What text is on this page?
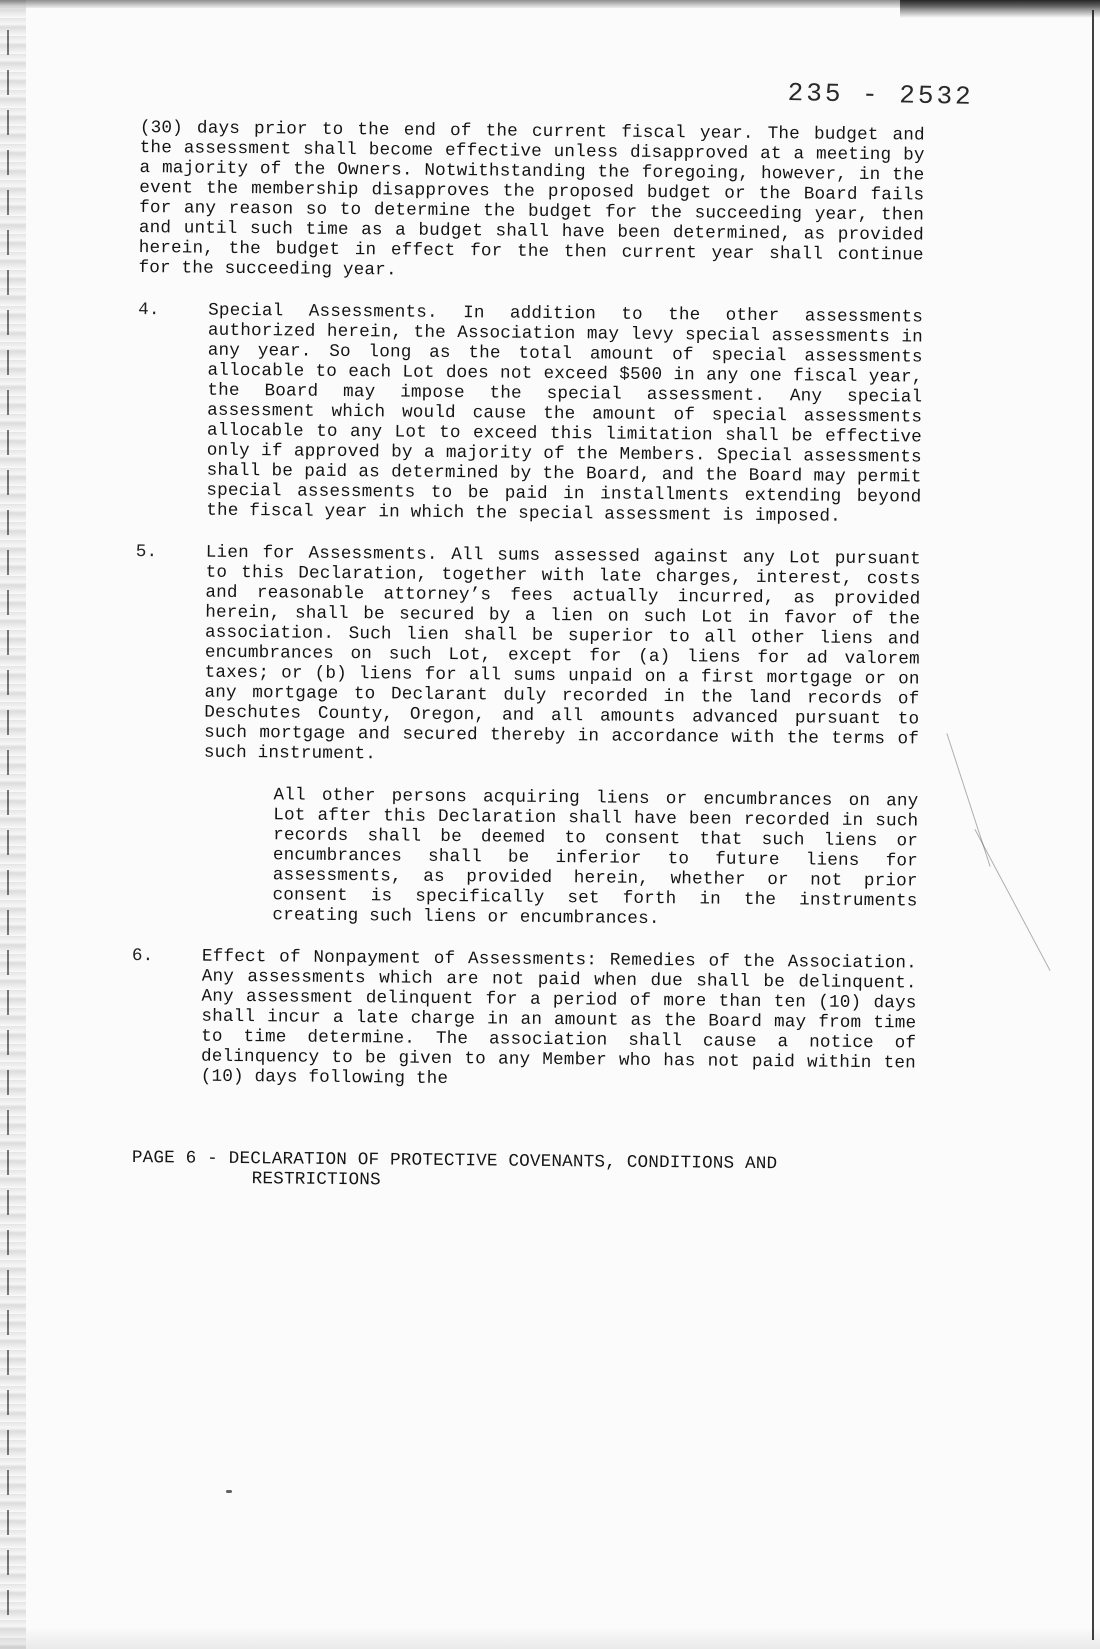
235 - 2532

(30) days prior to the end of the current fiscal year. The budget and the assessment shall become effective unless disapproved at a meeting by a majority of the Owners. Notwithstanding the foregoing, however, in the event the membership disapproves the proposed budget or the Board fails for any reason so to determine the budget for the succeeding year, then and until such time as a budget shall have been determined, as provided herein, the budget in effect for the then current year shall continue for the succeeding year.

4.	Special Assessments. In addition to the other assessments authorized herein, the Association may levy special assessments in any year. So long as the total amount of special assessments allocable to each Lot does not exceed $500 in any one fiscal year, the Board may impose the special assessment. Any special assessment which would cause the amount of special assessments allocable to any Lot to exceed this limitation shall be effective only if approved by a majority of the Members. Special assessments shall be paid as determined by the Board, and the Board may permit special assessments to be paid in installments extending beyond the fiscal year in which the special assessment is imposed.

5.	Lien for Assessments. All sums assessed against any Lot pursuant to this Declaration, together with late charges, interest, costs and reasonable attorney’s fees actually incurred, as provided herein, shall be secured by a lien on such Lot in favor of the association. Such lien shall be superior to all other liens and encumbrances on such Lot, except for (a) liens for ad valorem taxes; or (b) liens for all sums unpaid on a first mortgage or on any mortgage to Declarant duly recorded in the land records of Deschutes County, Oregon, and all amounts advanced pursuant to such mortgage and secured thereby in accordance with the terms of such instrument.

All other persons acquiring liens or encumbrances on any Lot after this Declaration shall have been recorded in such records shall be deemed to consent that such liens or encumbrances shall be inferior to future liens for assessments, as provided herein, whether or not prior consent is specifically set forth in the instruments creating such liens or encumbrances.

6.	Effect of Nonpayment of Assessments: Remedies of the Association. Any assessments which are not paid when due shall be delinquent. Any assessment delinquent for a period of more than ten (10) days shall incur a late charge in an amount as the Board may from time to time determine. The association shall cause a notice of delinquency to be given to any Member who has not paid within ten (10) days following the

PAGE 6 - DECLARATION OF PROTECTIVE COVENANTS, CONDITIONS AND
RESTRICTIONS
